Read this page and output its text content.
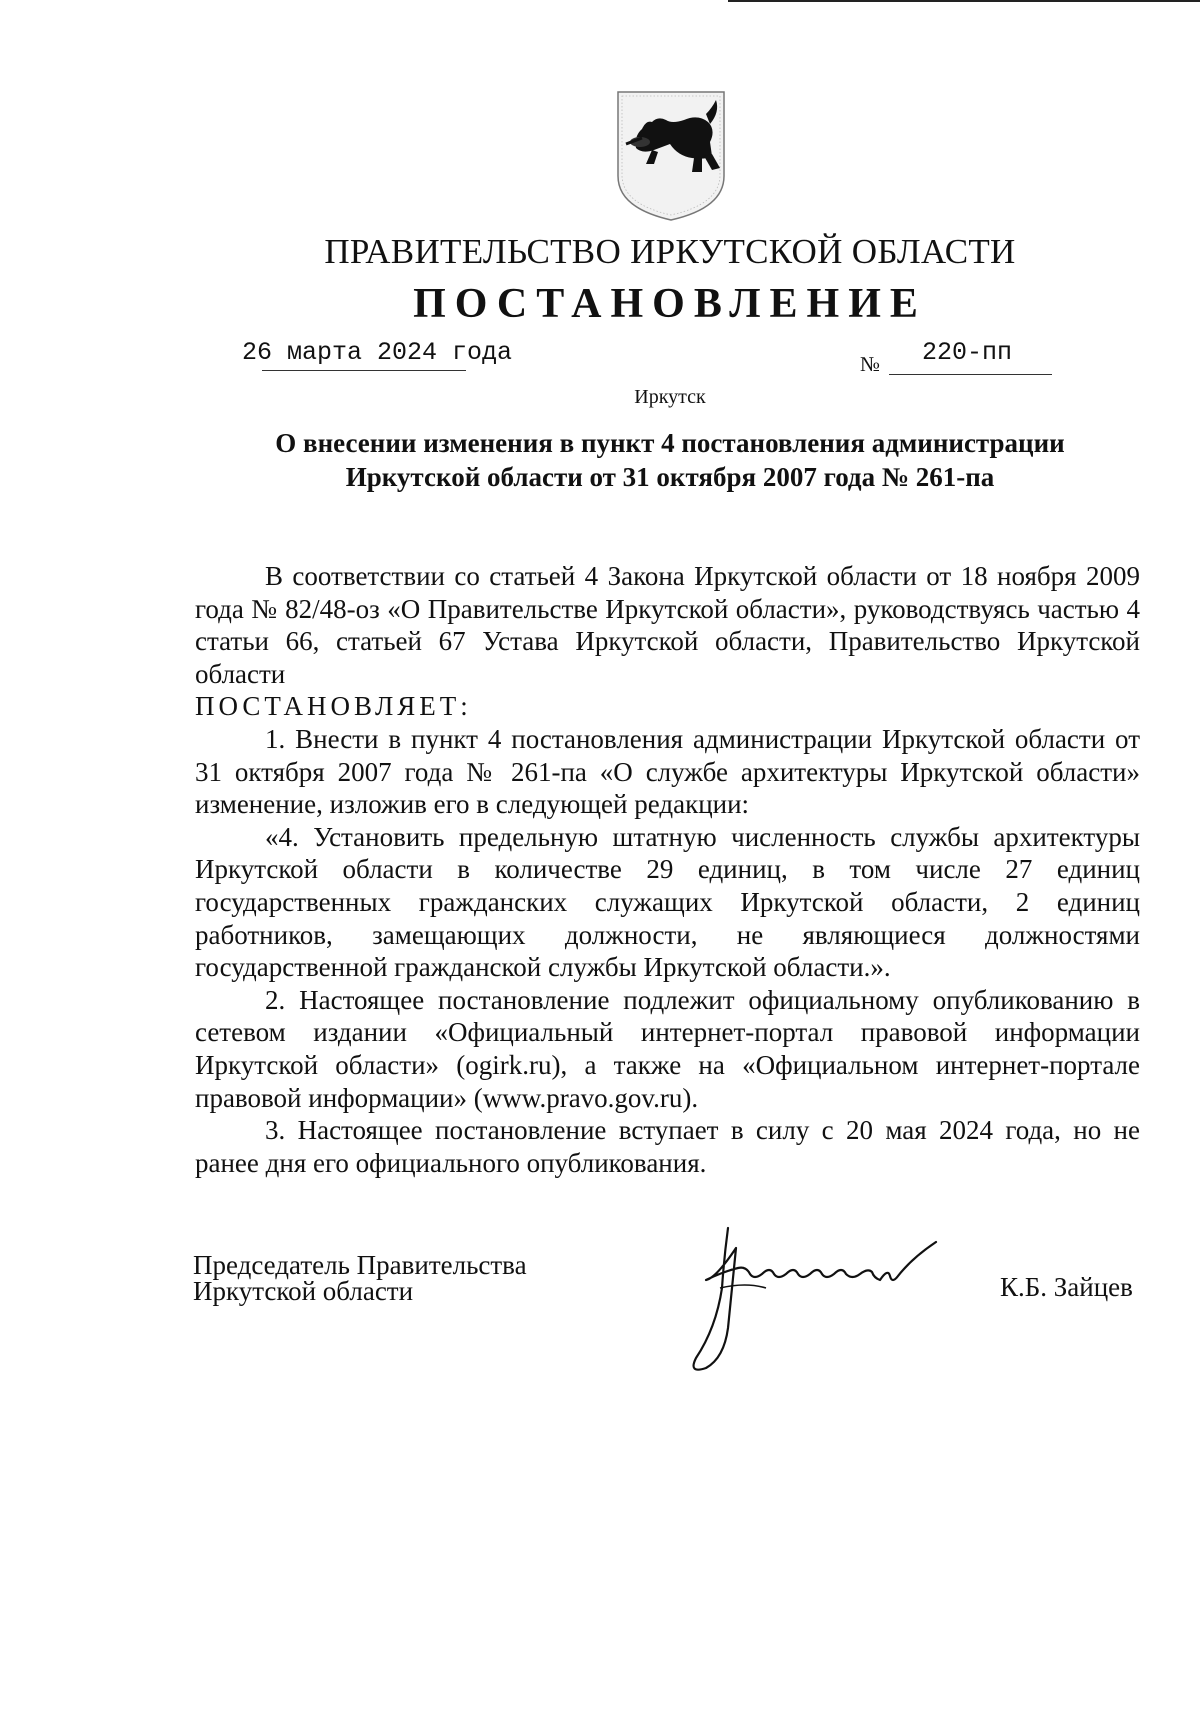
ПРАВИТЕЛЬСТВО ИРКУТСКОЙ ОБЛАСТИ
ПОСТАНОВЛЕНИЕ
26 марта 2024 года	№ 220-пп
Иркутск
О внесении изменения в пункт 4 постановления администрации
Иркутской области от 31 октября 2007 года № 261-па

В соответствии со статьей 4 Закона Иркутской области от 18 ноября 2009 года № 82/48-оз «О Правительстве Иркутской области», руководствуясь частью 4 статьи 66, статьей 67 Устава Иркутской области, Правительство Иркутской области

ПОСТАНОВЛЯЕТ:

1. Внести в пункт 4 постановления администрации Иркутской области от 31 октября 2007 года № 261-па «О службе архитектуры Иркутской области» изменение, изложив его в следующей редакции:

«4. Установить предельную штатную численность службы архитектуры Иркутской области в количестве 29 единиц, в том числе 27 единиц государственных гражданских служащих Иркутской области, 2 единиц работников, замещающих должности, не являющиеся должностями государственной гражданской службы Иркутской области.».

2. Настоящее постановление подлежит официальному опубликованию в сетевом издании «Официальный интернет-портал правовой информации Иркутской области» (ogirk.ru), а также на «Официальном интернет-портале правовой информации» (www.pravo.gov.ru).

3. Настоящее постановление вступает в силу с 20 мая 2024 года, но не ранее дня его официального опубликования.

Председатель Правительства
Иркутской области	К.Б. Зайцев
